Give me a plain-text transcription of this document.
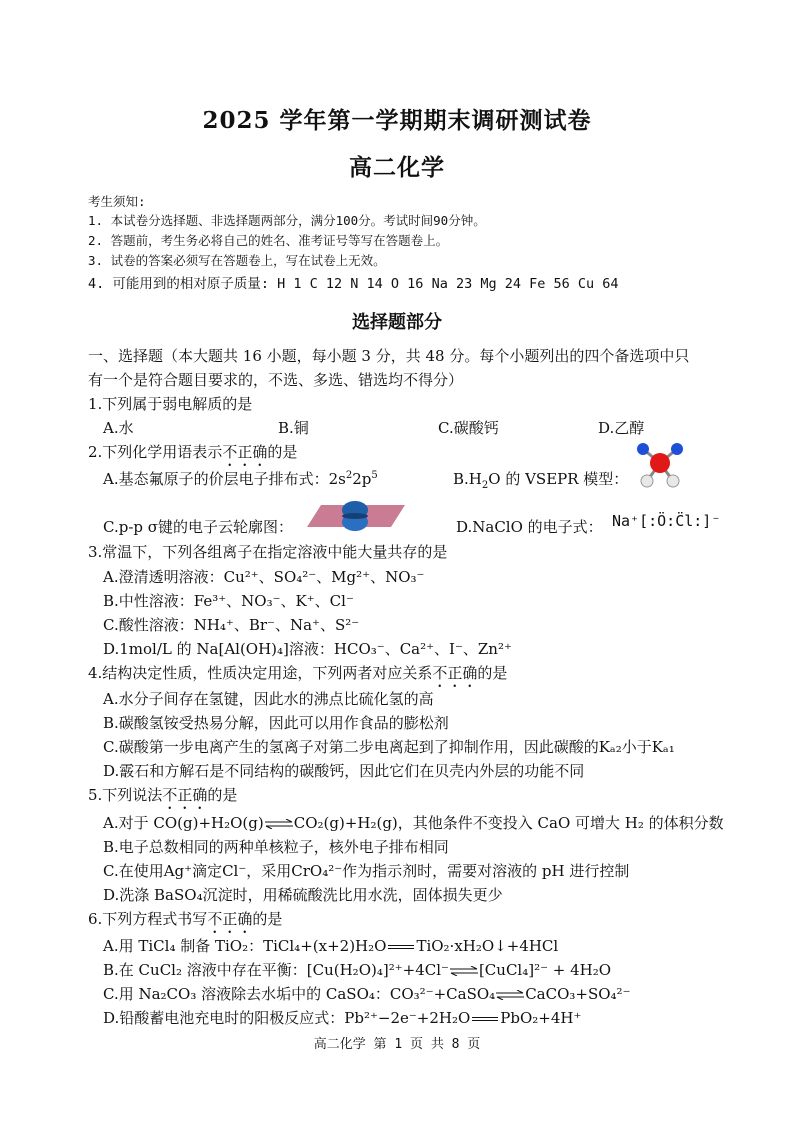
2025 学年第一学期期末调研测试卷
高二化学
考生须知:
1. 本试卷分选择题、非选择题两部分，满分100分。考试时间90分钟。
2. 答题前，考生务必将自己的姓名、准考证号等写在答题卷上。
3. 试卷的答案必须写在答题卷上，写在试卷上无效。
4. 可能用到的相对原子质量: H 1 C 12 N 14 O 16 Na 23 Mg 24 Fe 56 Cu 64
选择题部分
一、选择题（本大题共 16 小题，每小题 3 分，共 48 分。每个小题列出的四个备选项中只
有一个是符合题目要求的，不选、多选、错选均不得分）
1.下列属于弱电解质的是
A.水	B.铜	C.碳酸钙	D.乙醇
2.下列化学用语表示不正确的是
A.基态氟原子的价层电子排布式：$2s^22p^5$	$B.H_2O$ 的 VSEPR 模型：
C.p-p σ键的电子云轮廓图：	D.NaClO 的电子式： Na⁺[:Ö:C̈l:]⁻
3.常温下，下列各组离子在指定溶液中能大量共存的是
A.澄清透明溶液：Cu²⁺、SO₄²⁻、Mg²⁺、NO₃⁻
B.中性溶液：Fe³⁺、NO₃⁻、K⁺、Cl⁻
C.酸性溶液：NH₄⁺、Br⁻、Na⁺、S²⁻
D.1mol/L 的 Na[Al(OH)₄]溶液：HCO₃⁻、Ca²⁺、I⁻、Zn²⁺
4.结构决定性质，性质决定用途，下列两者对应关系不正确的是
A.水分子间存在氢键，因此水的沸点比硫化氢的高
B.碳酸氢铵受热易分解，因此可以用作食品的膨松剂
C.碳酸第一步电离产生的氢离子对第二步电离起到了抑制作用，因此碳酸的Kₐ₂小于Kₐ₁
D.霰石和方解石是不同结构的碳酸钙，因此它们在贝壳内外层的功能不同
5.下列说法不正确的是
A.对于 CO(g)+H₂O(g)⇌CO₂(g)+H₂(g)，其他条件不变投入 CaO 可增大 H₂ 的体积分数
B.电子总数相同的两种单核粒子，核外电子排布相同
C.在使用Ag⁺滴定Cl⁻，采用CrO₄²⁻作为指示剂时，需要对溶液的 pH 进行控制
D.洗涤 BaSO₄沉淀时，用稀硫酸洗比用水洗，固体损失更少
6.下列方程式书写不正确的是
A.用 TiCl₄ 制备 TiO₂：TiCl₄+(x+2)H₂O TiO₂·xH₂O↓+4HCl
B.在 CuCl₂ 溶液中存在平衡：[Cu(H₂O)₄]²⁺+4Cl⁻⇌[CuCl₄]²⁻ + 4H₂O
C.用 Na₂CO₃ 溶液除去水垢中的 CaSO₄：CO₃²⁻+CaSO₄⇌CaCO₃+SO₄²⁻
D.铅酸蓄电池充电时的阳极反应式：Pb²⁺−2e⁻+2H₂O PbO₂+4H⁺
高二化学 第 1 页 共 8 页
